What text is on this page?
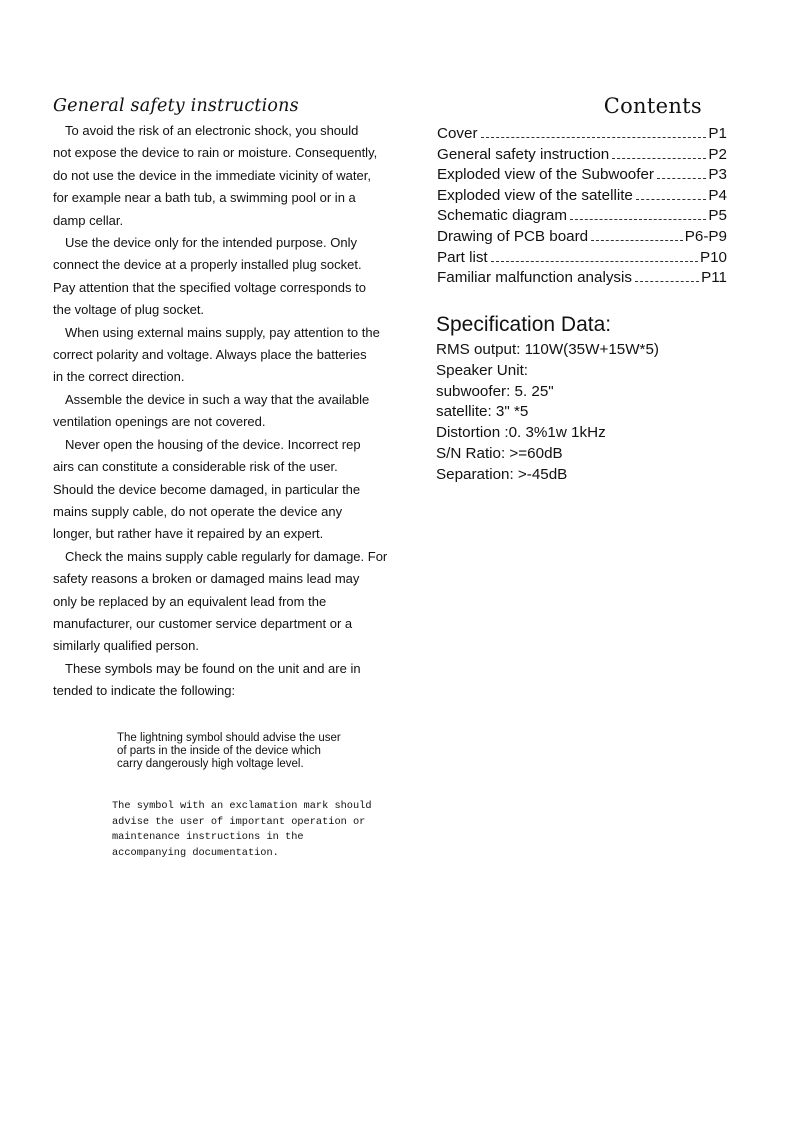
General safety instructions

To avoid the risk of an electronic shock, you should

not expose the device to rain or moisture. Consequently,

do not use the device in the immediate vicinity of water,

for example near a bath tub, a swimming pool or in a

damp cellar.

Use the device only for the intended purpose. Only

connect the device at a properly installed plug socket.

Pay attention that the specified voltage corresponds to

the voltage of plug socket.

When using external mains supply, pay attention to the

correct polarity and voltage. Always place the batteries

in the correct direction.

Assemble the device in such a way that the available

ventilation openings are not covered.

Never open the housing of the device. Incorrect rep

airs can constitute a considerable risk of the user.

Should the device become damaged, in particular the

mains supply cable, do not operate the device any

longer, but rather have it repaired by an expert.

Check the mains supply cable regularly for damage. For

safety reasons a broken or damaged mains lead may

only be replaced by an equivalent lead from the

manufacturer, our customer service department or a

similarly qualified person.

These symbols may be found on the unit and are in

tended to indicate the following:

The lightning symbol should advise the user
of parts in the inside of the device which
carry dangerously high voltage level.
The symbol with an exclamation mark should
advise the user of important operation or
maintenance instructions in the
accompanying documentation.
Contents
Cover	P1
General safety instruction	P2
Exploded view of the Subwoofer	P3
Exploded view of the satellite	P4
Schematic diagram	P5
Drawing of PCB board	P6-P9
Part list	P10
Familiar malfunction analysis	P11
Specification Data:
RMS output: 110W(35W+15W*5)
Speaker Unit:
subwoofer: 5. 25"
satellite: 3" *5
Distortion :0. 3%1w 1kHz
S/N Ratio: >=60dB
Separation: >-45dB
